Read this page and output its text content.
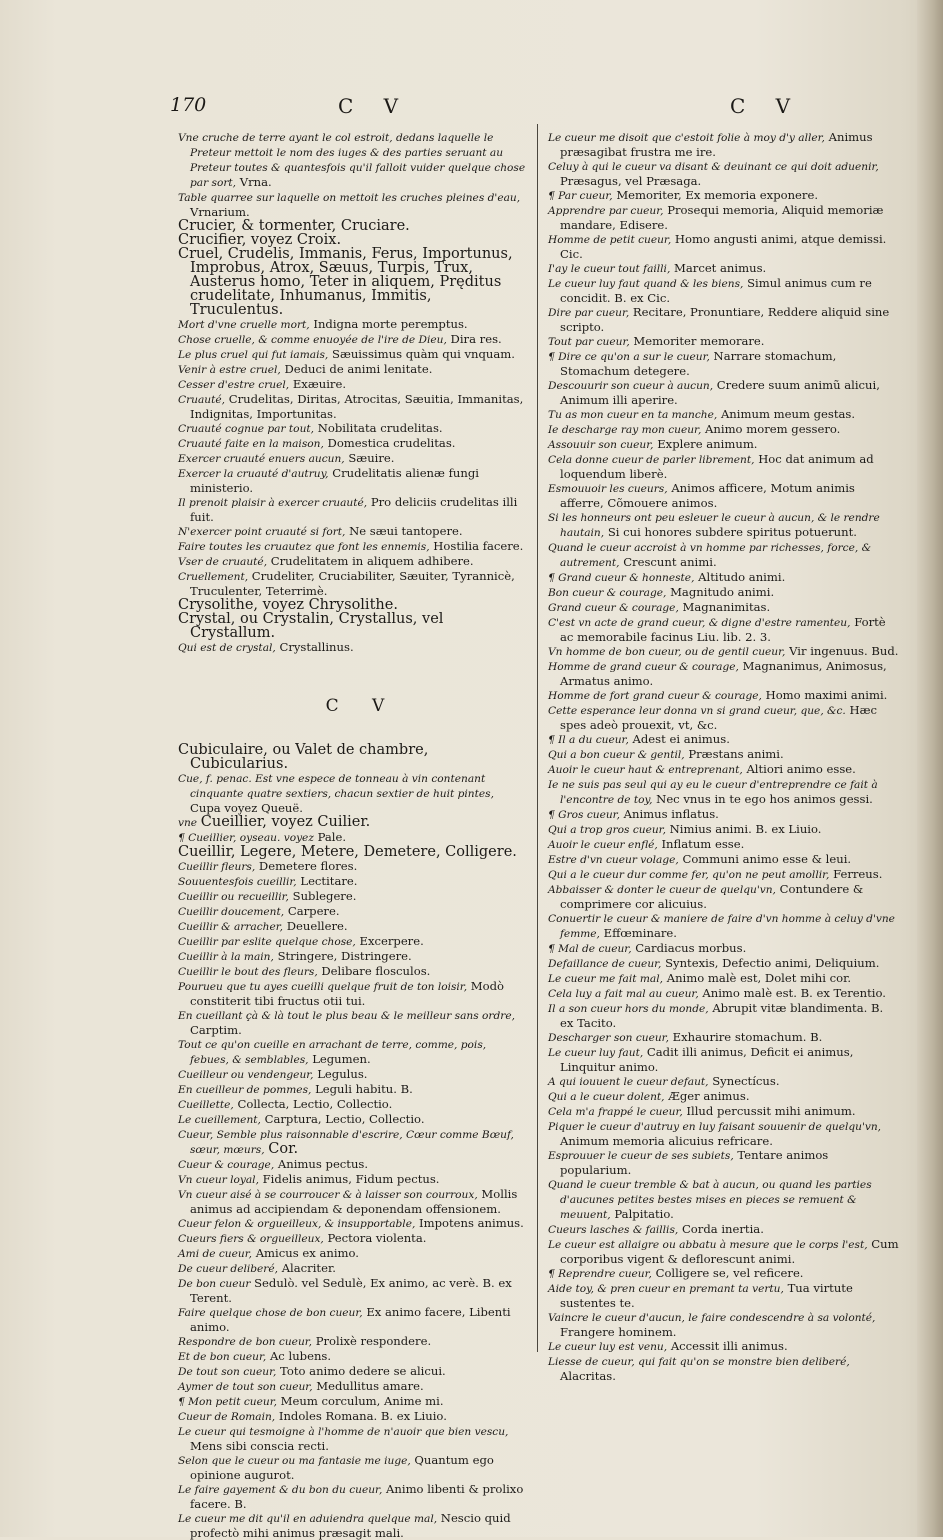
170	C V	C V

Vne cruche de terre ayant le col estroit, dedans laquelle le Preteur mettoit le nom des iuges & des parties seruant au Preteur toutes & quantesfois qu'il falloit vuider quelque chose par sort, Vrna.

Table quarree sur laquelle on mettoit les cruches pleines d'eau, Vrnarium.

Crucier, & tormenter, Cruciare.

Crucifier, voyez Croix.

Cruel, Crudelis, Immanis, Ferus, Importunus, Improbus, Atrox, Sæuus, Turpis, Trux, Austerus homo, Teter in aliquem, Pręditus crudelitate, Inhumanus, Immitis, Truculentus.

Mort d'vne cruelle mort, Indigna morte peremptus.

Chose cruelle, & comme enuoyée de l'ire de Dieu, Dira res.

Le plus cruel qui fut iamais, Sæuissimus quàm qui vnquam.

Venir à estre cruel, Deduci de animi lenitate.

Cesser d'estre cruel, Exæuire.

Cruauté, Crudelitas, Diritas, Atrocitas, Sæuitia, Immanitas, Indignitas, Importunitas.

Cruauté cognue par tout, Nobilitata crudelitas.

Cruauté faite en la maison, Domestica crudelitas.

Exercer cruauté enuers aucun, Sæuire.

Exercer la cruauté d'autruy, Crudelitatis alienæ fungi ministerio.

Il prenoit plaisir à exercer cruauté, Pro deliciis crudelitas illi fuit.

N'exercer point cruauté si fort, Ne sæui tantopere.

Faire toutes les cruautez que font les ennemis, Hostilia facere.

Vser de cruauté, Crudelitatem in aliquem adhibere.

Cruellement, Crudeliter, Cruciabiliter, Sæuiter, Tyrannicè, Truculenter, Teterrimè.

Crysolithe, voyez Chrysolithe.

Crystal, ou Crystalin, Crystallus, vel Crystallum.

Qui est de crystal, Crystallinus.

C V

Cubiculaire, ou Valet de chambre, Cubicularius.

Cue, f. penac. Est vne espece de tonneau à vin contenant cinquante quatre sextiers, chacun sextier de huit pintes, Cupa voyez Queuë.

vne Cueillier, voyez Cuilier.

¶ Cueillier, oyseau. voyez Pale.

Cueillir, Legere, Metere, Demetere, Colligere.

Cueillir fleurs, Demetere flores.

Souuentesfois cueillir, Lectitare.

Cueillir ou recueillir, Sublegere.

Cueillir doucement, Carpere.

Cueillir & arracher, Deuellere.

Cueillir par eslite quelque chose, Excerpere.

Cueillir à la main, Stringere, Distringere.

Cueillir le bout des fleurs, Delibare flosculos.

Pourueu que tu ayes cueilli quelque fruit de ton loisir, Modò constiterit tibi fructus otii tui.

En cueillant çà & là tout le plus beau & le meilleur sans ordre, Carptim.

Tout ce qu'on cueille en arrachant de terre, comme, pois, febues, & semblables, Legumen.

Cueilleur ou vendengeur, Legulus.

En cueilleur de pommes, Leguli habitu. B.

Cueillette, Collecta, Lectio, Collectio.

Le cueillement, Carptura, Lectio, Collectio.

Cueur, Semble plus raisonnable d'escrire, Cœur comme Bœuf, sœur, mœurs, Cor.

Cueur & courage, Animus pectus.

Vn cueur loyal, Fidelis animus, Fidum pectus.

Vn cueur aisé à se courroucer & à laisser son courroux, Mollis animus ad accipiendam & deponendam offensionem.

Cueur felon & orgueilleux, & insupportable, Impotens animus.

Cueurs fiers & orgueilleux, Pectora violenta.

Ami de cueur, Amicus ex animo.

De cueur deliberé, Alacriter.

De bon cueur Sedulò. vel Sedulè, Ex animo, ac verè. B. ex Terent.

Faire quelque chose de bon cueur, Ex animo facere, Libenti animo.

Respondre de bon cueur, Prolixè respondere.

Et de bon cueur, Ac lubens.

De tout son cueur, Toto animo dedere se alicui.

Aymer de tout son cueur, Medullitus amare.

¶ Mon petit cueur, Meum corculum, Anime mi.

Cueur de Romain, Indoles Romana. B. ex Liuio.

Le cueur qui tesmoigne à l'homme de n'auoir que bien vescu, Mens sibi conscia recti.

Selon que le cueur ou ma fantasie me iuge, Quantum ego opinione augurot.

Le faire gayement & du bon du cueur, Animo libenti & prolixo facere. B.

Le cueur me dit qu'il en aduiendra quelque mal, Nescio quid profectò mihi animus præsagit mali.

Le cueur me disoit que c'estoit folie à moy d'y aller, Animus præsagibat frustra me ire.

Celuy à qui le cueur va disant & deuinant ce qui doit aduenir, Præsagus, vel Præsaga.

¶ Par cueur, Memoriter, Ex memoria exponere.

Apprendre par cueur, Prosequi memoria, Aliquid memoriæ mandare, Edisere.

Homme de petit cueur, Homo angusti animi, atque demissi. Cic.

I'ay le cueur tout failli, Marcet animus.

Le cueur luy faut quand & les biens, Simul animus cum re concidit. B. ex Cic.

Dire par cueur, Recitare, Pronuntiare, Reddere aliquid sine scripto.

Tout par cueur, Memoriter memorare.

¶ Dire ce qu'on a sur le cueur, Narrare stomachum, Stomachum detegere.

Descouurir son cueur à aucun, Credere suum animũ alicui, Animum illi aperire.

Tu as mon cueur en ta manche, Animum meum gestas.

Ie descharge ray mon cueur, Animo morem gessero.

Assouuir son cueur, Explere animum.

Cela donne cueur de parler librement, Hoc dat animum ad loquendum liberè.

Esmouuoir les cueurs, Animos afficere, Motum animis afferre, Cõmouere animos.

Si les honneurs ont peu esleuer le cueur à aucun, & le rendre hautain, Si cui honores subdere spiritus potuerunt.

Quand le cueur accroist à vn homme par richesses, force, & autrement, Crescunt animi.

¶ Grand cueur & honneste, Altitudo animi.

Bon cueur & courage, Magnitudo animi.

Grand cueur & courage, Magnanimitas.

C'est vn acte de grand cueur, & digne d'estre ramenteu, Fortè ac memorabile facinus Liu. lib. 2. 3.

Vn homme de bon cueur, ou de gentil cueur, Vir ingenuus. Bud.

Homme de grand cueur & courage, Magnanimus, Animosus, Armatus animo.

Homme de fort grand cueur & courage, Homo maximi animi.

Cette esperance leur donna vn si grand cueur, que, &c. Hæc spes adeò prouexit, vt, &c.

¶ Il a du cueur, Adest ei animus.

Qui a bon cueur & gentil, Præstans animi.

Auoir le cueur haut & entreprenant, Altiori animo esse.

Ie ne suis pas seul qui ay eu le cueur d'entreprendre ce fait à l'encontre de toy, Nec vnus in te ego hos animos gessi.

¶ Gros cueur, Animus inflatus.

Qui a trop gros cueur, Nimius animi. B. ex Liuio.

Auoir le cueur enflé, Inflatum esse.

Estre d'vn cueur volage, Communi animo esse & leui.

Qui a le cueur dur comme fer, qu'on ne peut amollir, Ferreus.

Abbaisser & donter le cueur de quelqu'vn, Contundere & comprimere cor alicuius.

Conuertir le cueur & maniere de faire d'vn homme à celuy d'vne femme, Effœminare.

¶ Mal de cueur, Cardiacus morbus.

Defaillance de cueur, Syntexis, Defectio animi, Deliquium.

Le cueur me fait mal, Animo malè est, Dolet mihi cor.

Cela luy a fait mal au cueur, Animo malè est. B. ex Terentio.

Il a son cueur hors du monde, Abrupit vitæ blandimenta. B. ex Tacito.

Descharger son cueur, Exhaurire stomachum. B.

Le cueur luy faut, Cadit illi animus, Deficit ei animus, Linquitur animo.

A qui iouuent le cueur defaut, Synectícus.

Qui a le cueur dolent, Æger animus.

Cela m'a frappé le cueur, Illud percussit mihi animum.

Piquer le cueur d'autruy en luy faisant souuenir de quelqu'vn, Animum memoria alicuius refricare.

Esprouuer le cueur de ses subiets, Tentare animos popularium.

Quand le cueur tremble & bat à aucun, ou quand les parties d'aucunes petites bestes mises en pieces se remuent & meuuent, Palpitatio.

Cueurs lasches & faillis, Corda inertia.

Le cueur est allaigre ou abbatu à mesure que le corps l'est, Cum corporibus vigent & deflorescunt animi.

¶ Reprendre cueur, Colligere se, vel reficere.

Aide toy, & pren cueur en premant ta vertu, Tua virtute sustentes te.

Vaincre le cueur d'aucun, le faire condescendre à sa volonté, Frangere hominem.

Le cueur luy est venu, Accessit illi animus.

Liesse de cueur, qui fait qu'on se monstre bien deliberé, Alacritas.
